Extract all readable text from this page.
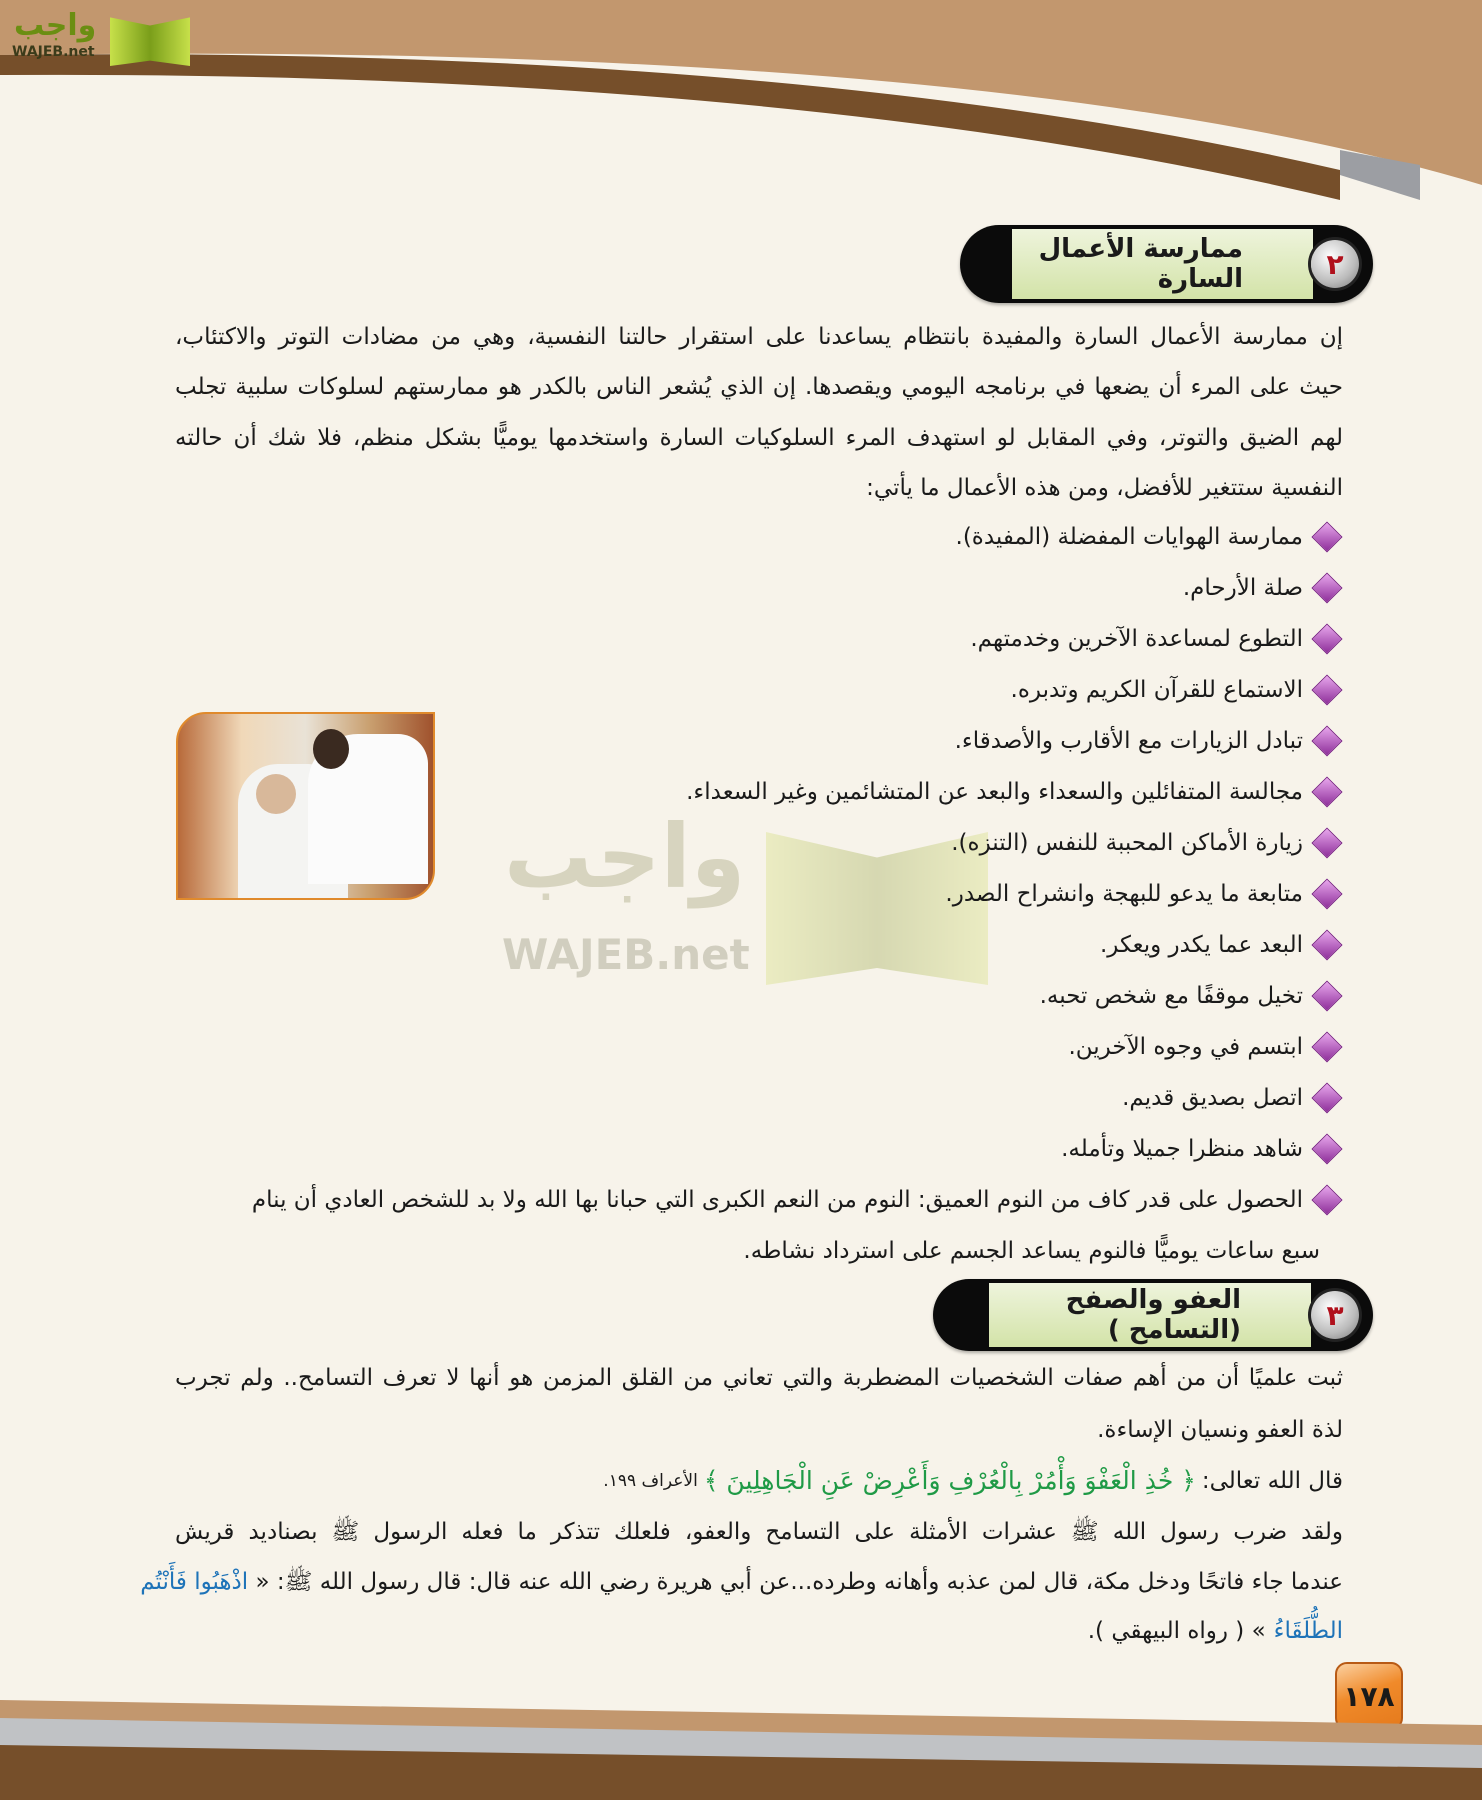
واجب
WAJEB.net
واجب
WAJEB.net
ممارسة الأعمال السارة	٢
إن ممارسة الأعمال السارة والمفيدة بانتظام يساعدنا على استقرار حالتنا النفسية، وهي من مضادات التوتر والاكتئاب،
حيث على المرء أن يضعها في برنامجه اليومي ويقصدها. إن الذي يُشعر الناس بالكدر هو ممارستهم لسلوكات سلبية تجلب
لهم الضيق والتوتر، وفي المقابل لو استهدف المرء السلوكيات السارة واستخدمها يوميًّا بشكل منظم، فلا شك أن حالته
النفسية ستتغير للأفضل، ومن هذه الأعمال ما يأتي:
ممارسة الهوايات المفضلة (المفيدة).
صلة الأرحام.
التطوع لمساعدة الآخرين وخدمتهم.
الاستماع للقرآن الكريم وتدبره.
تبادل الزيارات مع الأقارب والأصدقاء.
مجالسة المتفائلين والسعداء والبعد عن المتشائمين وغير السعداء.
زيارة الأماكن المحببة للنفس (التنزه).
متابعة ما يدعو للبهجة وانشراح الصدر.
البعد عما يكدر ويعكر.
تخيل موقفًا مع شخص تحبه.
ابتسم في وجوه الآخرين.
اتصل بصديق قديم.
شاهد منظرا جميلا وتأمله.
الحصول على قدر كاف من النوم العميق: النوم من النعم الكبرى التي حبانا بها الله ولا بد للشخص العادي أن ينام
سبع ساعات يوميًّا فالنوم يساعد الجسم على استرداد نشاطه.
العفو والصفح (التسامح )	٣
ثبت علميًا أن من أهم صفات الشخصيات المضطربة والتي تعاني من القلق المزمن هو أنها لا تعرف التسامح.. ولم تجرب
لذة العفو ونسيان الإساءة.
قال الله تعالى:
﴿ خُذِ الْعَفْوَ وَأْمُرْ بِالْعُرْفِ وَأَعْرِضْ عَنِ الْجَاهِلِينَ ﴾
الأعراف ١٩٩.
ولقد ضرب رسول الله ﷺ عشرات الأمثلة على التسامح والعفو، فلعلك تتذكر ما فعله الرسول ﷺ بصناديد قريش
عندما جاء فاتحًا ودخل مكة، قال لمن عذبه وأهانه وطرده...عن أبي هريرة رضي الله عنه قال: قال رسول الله ﷺ: « اذْهَبُوا فَأَنْتُم
الطُّلَقَاءُ
» ( رواه البيهقي ).
١٧٨
